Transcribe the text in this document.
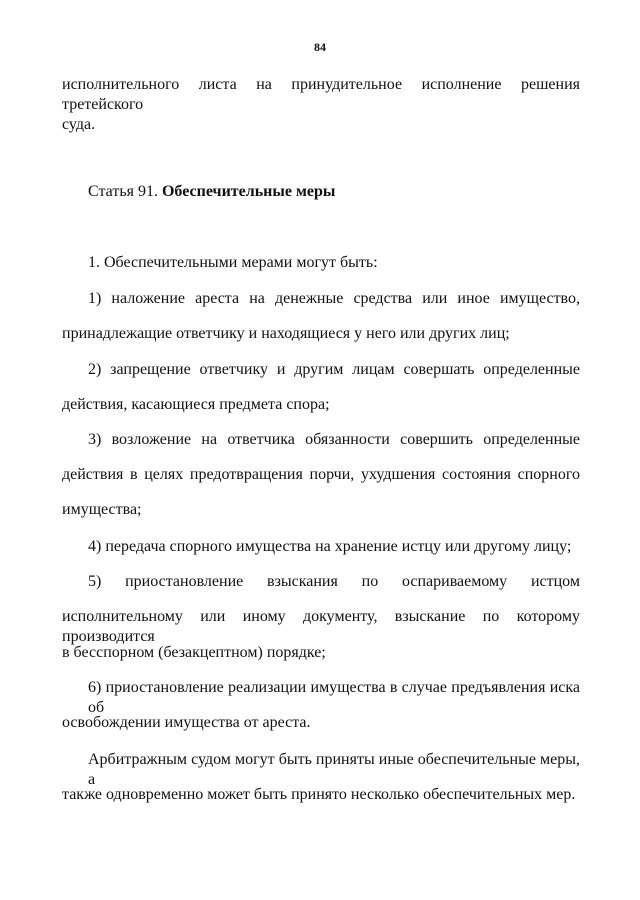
84
исполнительного листа на принудительное исполнение решения третейского
суда.
Статья 91. Обеспечительные меры
1. Обеспечительными мерами могут быть:
1) наложение ареста на денежные средства или иное имущество,
принадлежащие ответчику и находящиеся у него или других лиц;
2) запрещение ответчику и другим лицам совершать определенные
действия, касающиеся предмета спора;
3) возложение на ответчика обязанности совершить определенные
действия в целях предотвращения порчи, ухудшения состояния спорного
имущества;
4) передача спорного имущества на хранение истцу или другому лицу;
5) приостановление взыскания по оспариваемому истцом
исполнительному или иному документу, взыскание по которому производится
в бесспорном (безакцептном) порядке;
6) приостановление реализации имущества в случае предъявления иска об
освобождении имущества от ареста.
Арбитражным судом могут быть приняты иные обеспечительные меры, а
также одновременно может быть принято несколько обеспечительных мер.
